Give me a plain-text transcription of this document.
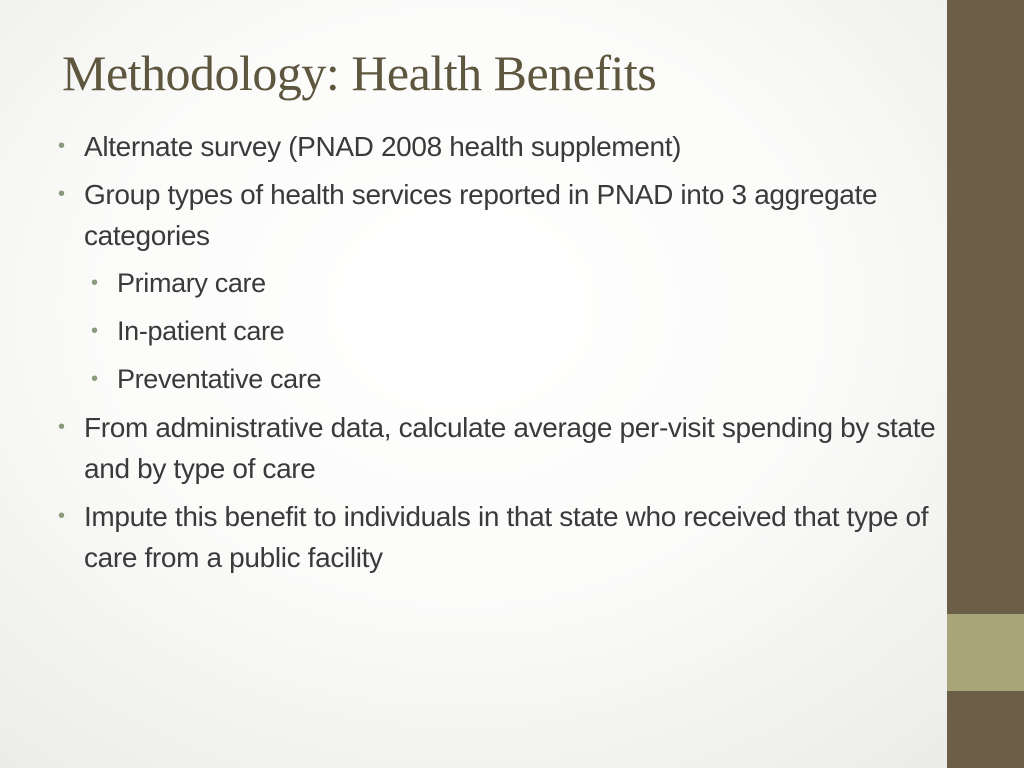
Methodology: Health Benefits
• Alternate survey (PNAD 2008 health supplement)
• Group types of health services reported in PNAD into 3 aggregate categories
• Primary care
• In-patient care
• Preventative care
• From administrative data, calculate average per-visit spending by state and by type of care
• Impute this benefit to individuals in that state who received that type of care from a public facility
